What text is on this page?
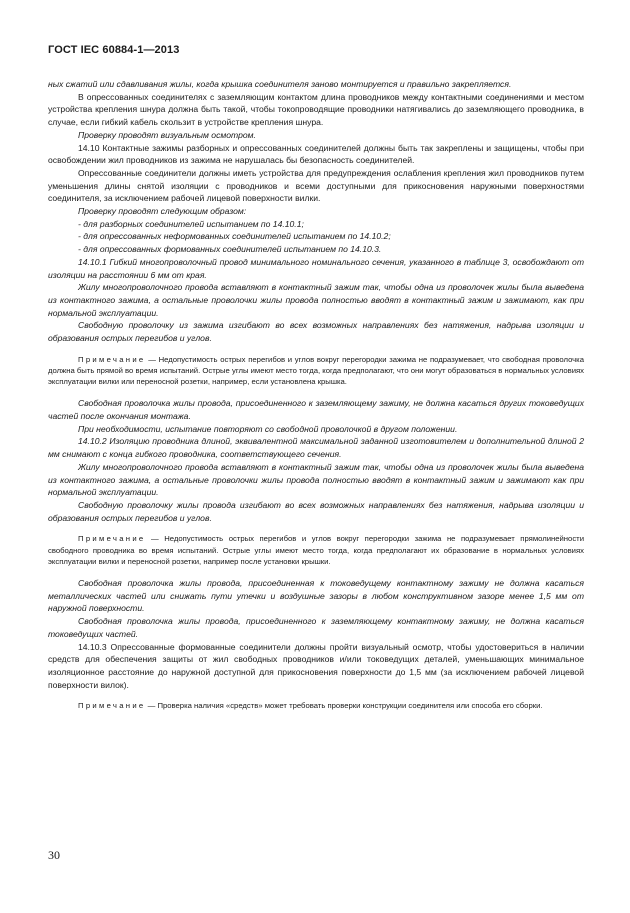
ГОСТ IEC 60884-1—2013

ных сжатий или сдавливания жилы, когда крышка соединителя заново монтируется и правильно закрепляется.

В опрессованных соединителях с заземляющим контактом длина проводников между контактными соединениями и местом устройства крепления шнура должна быть такой, чтобы токопроводящие проводники натягивались до заземляющего проводника, в случае, если гибкий кабель скользит в устройстве крепления шнура.

Проверку проводят визуальным осмотром.

14.10 Контактные зажимы разборных и опрессованных соединителей должны быть так закреплены и защищены, чтобы при освобождении жил проводников из зажима не нарушалась бы безопасность соединителей.

Опрессованные соединители должны иметь устройства для предупреждения ослабления крепления жил проводников путем уменьшения длины снятой изоляции с проводников и всеми доступными для прикосновения наружными поверхностями соединителя, за исключением рабочей лицевой поверхности вилки.

Проверку проводят следующим образом:

- для разборных соединителей испытанием по 14.10.1;

- для опрессованных неформованных соединителей испытанием по 14.10.2;

- для опрессованных формованных соединителей испытанием по 14.10.3.

14.10.1 Гибкий многопроволочный провод минимального номинального сечения, указанного в таблице 3, освобождают от изоляции на расстоянии 6 мм от края.

Жилу многопроволочного провода вставляют в контактный зажим так, чтобы одна из проволочек жилы была выведена из контактного зажима, а остальные проволочки жилы провода полностью вводят в контактный зажим и зажимают, как при нормальной эксплуатации.

Свободную проволочку из зажима изгибают во всех возможных направлениях без натяжения, надрыва изоляции и образования острых перегибов и углов.

Примечание — Недопустимость острых перегибов и углов вокруг перегородки зажима не подразумевает, что свободная проволочка должна быть прямой во время испытаний. Острые углы имеют место тогда, когда предполагают, что они могут образоваться в нормальных условиях эксплуатации вилки или переносной розетки, например, если установлена крышка.

Свободная проволочка жилы провода, присоединенного к заземляющему зажиму, не должна касаться других токоведущих частей после окончания монтажа.

При необходимости, испытание повторяют со свободной проволочкой в другом положении.

14.10.2 Изоляцию проводника длиной, эквивалентной максимальной заданной изготовителем и дополнительной длиной 2 мм снимают с конца гибкого проводника, соответствующего сечения.

Жилу многопроволочного провода вставляют в контактный зажим так, чтобы одна из проволочек жилы была выведена из контактного зажима, а остальные проволочки жилы провода полностью вводят в контактный зажим и зажимают как при нормальной эксплуатации.

Свободную проволочку жилы провода изгибают во всех возможных направлениях без натяжения, надрыва изоляции и образования острых перегибов и углов.

Примечание — Недопустимость острых перегибов и углов вокруг перегородки зажима не подразумевает прямолинейности свободного проводника во время испытаний. Острые углы имеют место тогда, когда предполагают их образование в нормальных условиях эксплуатации вилки и переносной розетки, например после установки крышки.

Свободная проволочка жилы провода, присоединенная к токоведущему контактному зажиму не должна касаться металлических частей или снижать пути утечки и воздушные зазоры в любом конструктивном зазоре менее 1,5 мм от наружной поверхности.

Свободная проволочка жилы провода, присоединенного к заземляющему контактному зажиму, не должна касаться токоведущих частей.

14.10.3 Опрессованные формованные соединители должны пройти визуальный осмотр, чтобы удостовериться в наличии средств для обеспечения защиты от жил свободных проводников и/или токоведущих деталей, уменьшающих минимальное изоляционное расстояние до наружной доступной для прикосновения поверхности до 1,5 мм (за исключением рабочей лицевой поверхности вилок).

Примечание — Проверка наличия «средств» может требовать проверки конструкции соединителя или способа его сборки.
30
